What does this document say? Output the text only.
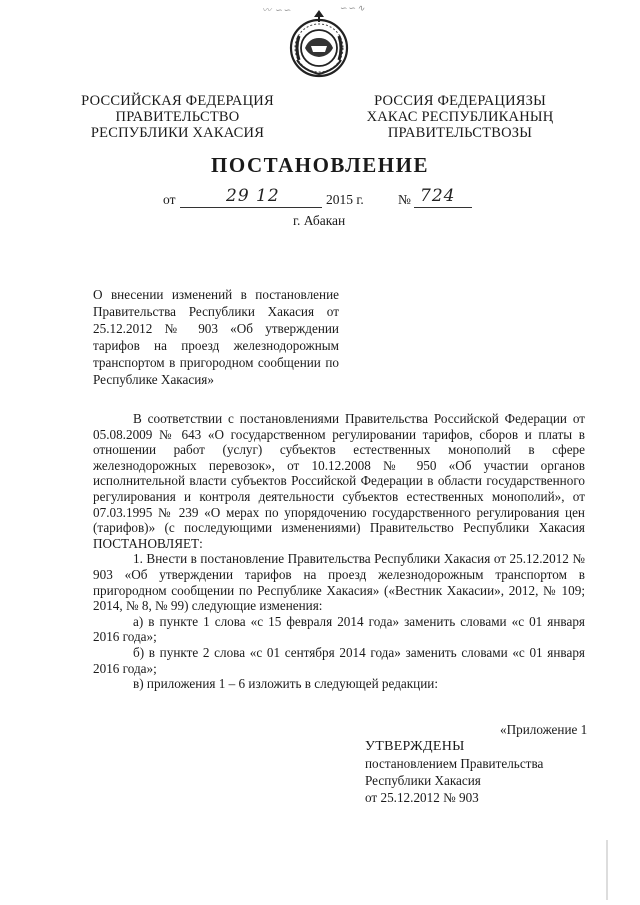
〰 ∽∽	∽∽∿
РОССИЙСКАЯ ФЕДЕРАЦИЯ
ПРАВИТЕЛЬСТВО
РЕСПУБЛИКИ ХАКАСИЯ
РОССИЯ ФЕДЕРАЦИЯЗЫ
ХАКАС РЕСПУБЛИКАНЫҢ
ПРАВИТЕЛЬСТВОЗЫ
ПОСТАНОВЛЕНИЕ
от	29 12	2015 г.	№ 724
г. Абакан
О внесении изменений в постановление Правительства Республики Хакасия от 25.12.2012 № 903 «Об утверждении тарифов на проезд железнодорожным транспортом в пригородном сообщении по Республике Хакасия»

В соответствии с постановлениями Правительства Российской Федерации от 05.08.2009 № 643 «О государственном регулировании тарифов, сборов и платы в отношении работ (услуг) субъектов естественных монополий в сфере железнодорожных перевозок», от 10.12.2008 № 950 «Об участии органов исполнительной власти субъектов Российской Федерации в области государственного регулирования и контроля деятельности субъектов естественных монополий», от 07.03.1995 № 239 «О мерах по упорядочению государственного регулирования цен (тарифов)» (с последующими изменениями) Правительство Республики Хакасия ПОСТАНОВЛЯЕТ:

1. Внести в постановление Правительства Республики Хакасия от 25.12.2012 № 903 «Об утверждении тарифов на проезд железнодорожным транспортом в пригородном сообщении по Республике Хакасия» («Вестник Хакасии», 2012, № 109; 2014, № 8, № 99) следующие изменения:

а) в пункте 1 слова «с 15 февраля 2014 года» заменить словами «с 01 января 2016 года»;

б) в пункте 2 слова «с 01 сентября 2014 года» заменить словами «с 01 января 2016 года»;

в) приложения 1 – 6 изложить в следующей редакции:

«Приложение 1
УТВЕРЖДЕНЫ
постановлением Правительства
Республики Хакасия
от 25.12.2012 № 903
